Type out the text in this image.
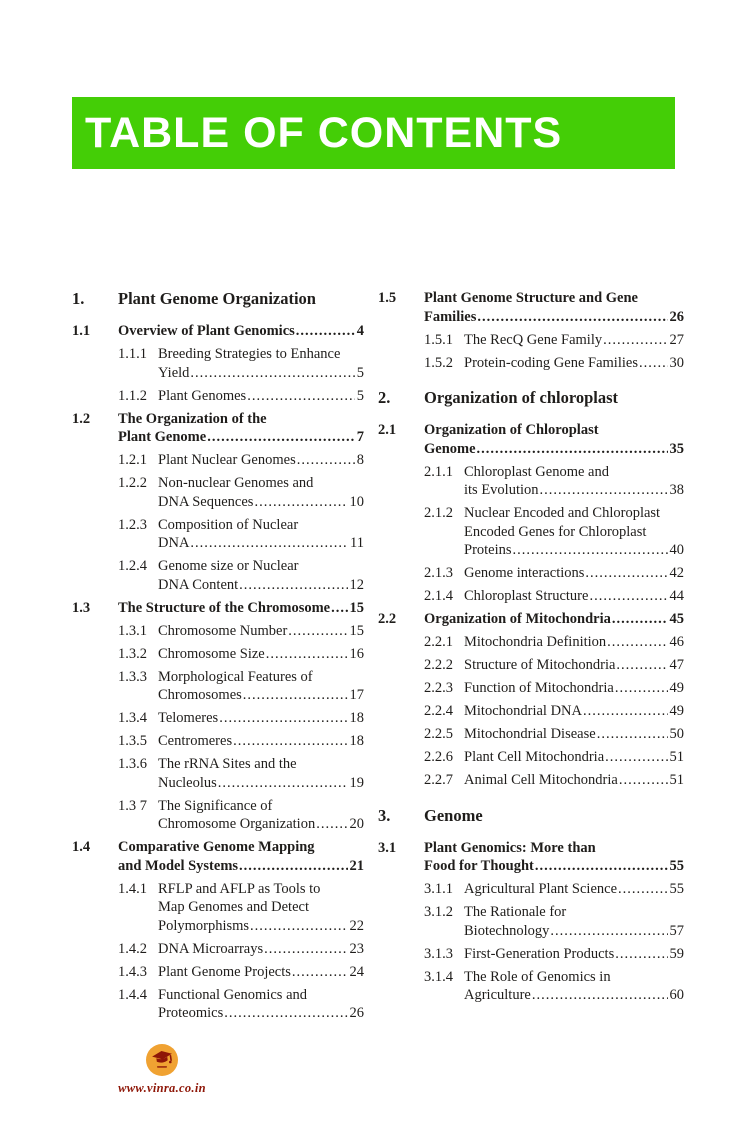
TABLE OF CONTENTS
1.	Plant Genome Organization
1.1	Overview of Plant Genomics .....	4
1.1.1 Breeding Strategies to Enhance
Yield .....	5
1.1.2 Plant Genomes .....	5
1.2	The Organization of the
Plant Genome .....	7
1.2.1 Plant Nuclear Genomes .....	8
1.2.2 Non-nuclear Genomes and
DNA Sequences .....	10
1.2.3 Composition of Nuclear
DNA .....	11
1.2.4 Genome size or Nuclear
DNA Content .....	12
1.3	The Structure of the Chromosome ..... 15
1.3.1 Chromosome Number .....	15
1.3.2 Chromosome Size .....	16
1.3.3 Morphological Features of
Chromosomes .....	17
1.3.4 Telomeres .....	18
1.3.5 Centromeres .....	18
1.3.6 The rRNA Sites and the
Nucleolus .....	19
1.3 7 The Significance of
Chromosome Organization ..... 20
1.4	Comparative Genome Mapping
and Model Systems .....	21
1.4.1 RFLP and AFLP as Tools to
Map Genomes and Detect
Polymorphisms .....	22
1.4.2 DNA Microarrays .....	23
1.4.3 Plant Genome Projects .....	24
1.4.4 Functional Genomics and
Proteomics .....	26
1.5	Plant Genome Structure and Gene
Families .....	26
1.5.1 The RecQ Gene Family .....	27
1.5.2 Protein-coding Gene Families ..... 30
2.	Organization of chloroplast
2.1	Organization of Chloroplast
Genome .....	35
2.1.1 Chloroplast Genome and
its Evolution .....	38
2.1.2 Nuclear Encoded and Chloroplast
Encoded Genes for Chloroplast
Proteins .....	40
2.1.3 Genome interactions .....	42
2.1.4 Chloroplast Structure .....	44
2.2	Organization of Mitochondria .....	45
2.2.1 Mitochondria Definition .....	46
2.2.2 Structure of Mitochondria .....	47
2.2.3 Function of Mitochondria .....	49
2.2.4 Mitochondrial DNA .....	49
2.2.5 Mitochondrial Disease .....	50
2.2.6 Plant Cell Mitochondria .....	51
2.2.7 Animal Cell Mitochondria .....	51
3.	Genome
3.1	Plant Genomics: More than
Food for Thought .....	55
3.1.1 Agricultural Plant Science .....	55
3.1.2 The Rationale for
Biotechnology .....	57
3.1.3 First-Generation Products .....	59
3.1.4 The Role of Genomics in
Agriculture .....	60
www.vinra.co.in
